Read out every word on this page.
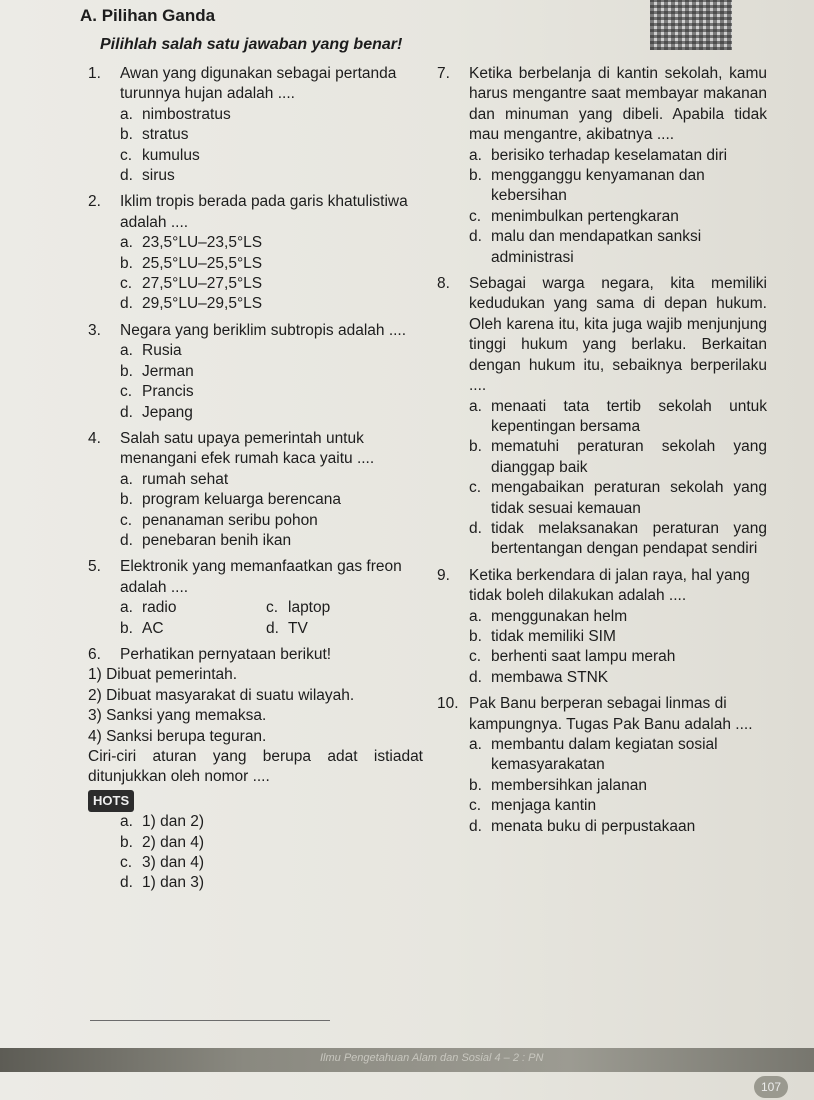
A. Pilihan Ganda
Pilihlah salah satu jawaban yang benar!
1.	Awan yang digunakan sebagai pertanda turunnya hujan adalah ....
a. nimbostratus
b. stratus
c. kumulus
d. sirus
2.	Iklim tropis berada pada garis khatulistiwa adalah ....
a. 23,5°LU–23,5°LS
b. 25,5°LU–25,5°LS
c. 27,5°LU–27,5°LS
d. 29,5°LU–29,5°LS
3.	Negara yang beriklim subtropis adalah ....
a. Rusia
b. Jerman
c. Prancis
d. Jepang
4.	Salah satu upaya pemerintah untuk menangani efek rumah kaca yaitu ....
a. rumah sehat
b. program keluarga berencana
c. penanaman seribu pohon
d. penebaran benih ikan
5.	Elektronik yang memanfaatkan gas freon adalah ....
a. radio	c. laptop
b. AC	d. TV
6.	Perhatikan pernyataan berikut!
1) Dibuat pemerintah.
2) Dibuat masyarakat di suatu wilayah.
3) Sanksi yang memaksa.
4) Sanksi berupa teguran.
Ciri-ciri aturan yang berupa adat istiadat ditunjukkan oleh nomor ....
HOTS
a. 1) dan 2)
b. 2) dan 4)
c. 3) dan 4)
d. 1) dan 3)
7.	Ketika berbelanja di kantin sekolah, kamu harus mengantre saat membayar makanan dan minuman yang dibeli. Apabila tidak mau mengantre, akibatnya ....
a. berisiko terhadap keselamatan diri
b. mengganggu kenyamanan dan kebersihan
c. menimbulkan pertengkaran
d. malu dan mendapatkan sanksi administrasi
8.	Sebagai warga negara, kita memiliki kedudukan yang sama di depan hukum. Oleh karena itu, kita juga wajib menjunjung tinggi hukum yang berlaku. Berkaitan dengan hukum itu, sebaiknya berperilaku ....
a. menaati tata tertib sekolah untuk kepentingan bersama
b. mematuhi peraturan sekolah yang dianggap baik
c. mengabaikan peraturan sekolah yang tidak sesuai kemauan
d. tidak melaksanakan peraturan yang bertentangan dengan pendapat sendiri
9.	Ketika berkendara di jalan raya, hal yang tidak boleh dilakukan adalah ....
a. menggunakan helm
b. tidak memiliki SIM
c. berhenti saat lampu merah
d. membawa STNK
10. Pak Banu berperan sebagai linmas di kampungnya. Tugas Pak Banu adalah ....
a. membantu dalam kegiatan sosial kemasyarakatan
b. membersihkan jalanan
c. menjaga kantin
d. menata buku di perpustakaan
Ilmu Pengetahuan Alam dan Sosial 4 – 2 : PN
107
